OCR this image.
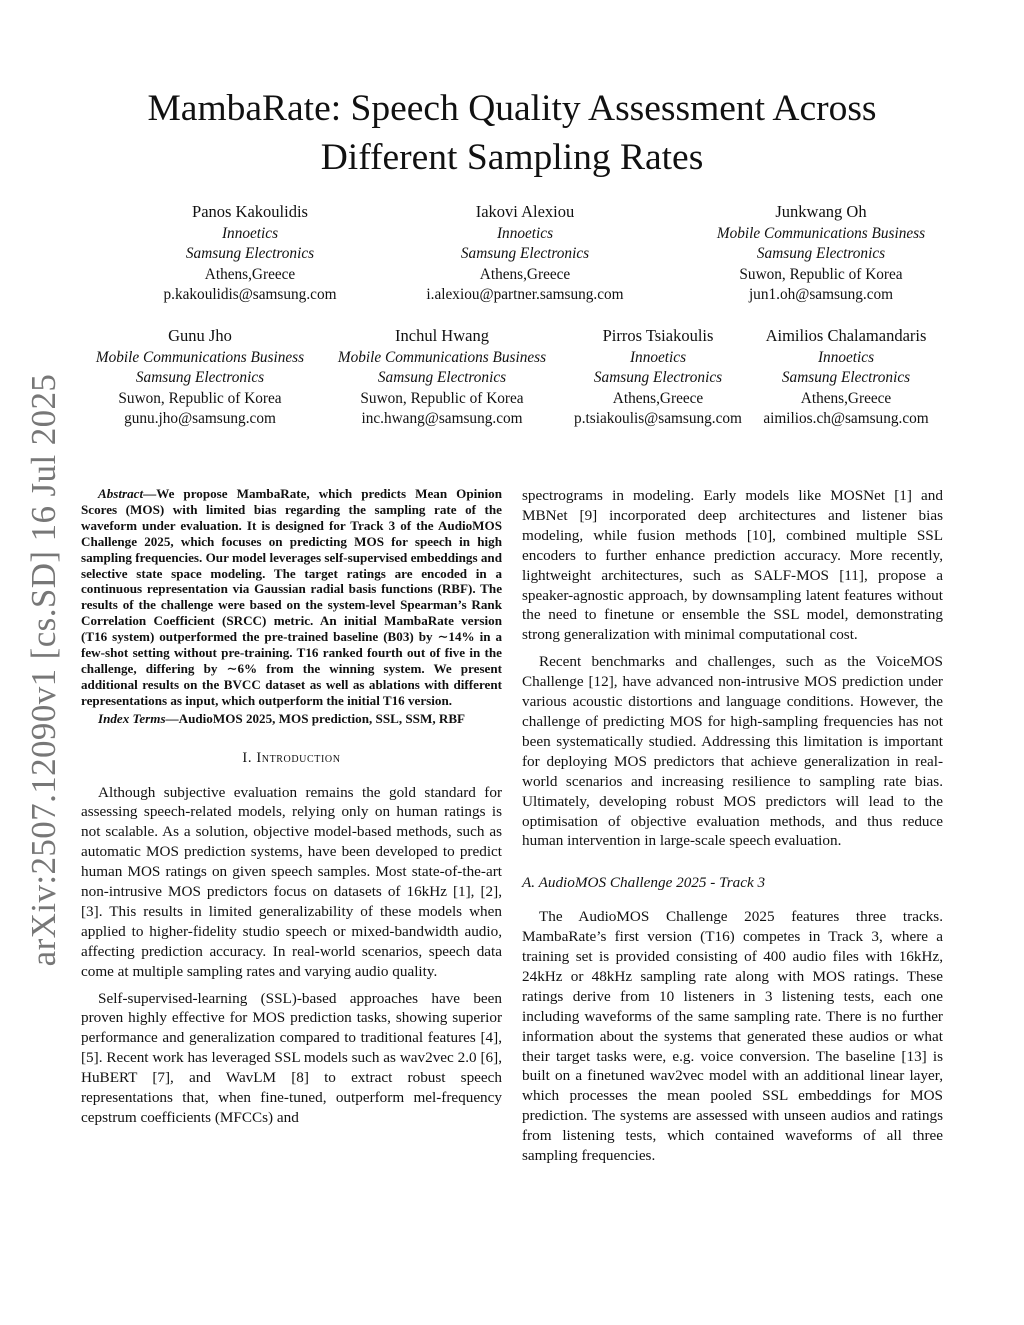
arXiv:2507.12090v1 [cs.SD] 16 Jul 2025
MambaRate: Speech Quality Assessment Across
Different Sampling Rates
Panos Kakoulidis
Innoetics
Samsung Electronics
Athens,Greece
p.kakoulidis@samsung.com
Iakovi Alexiou
Innoetics
Samsung Electronics
Athens,Greece
i.alexiou@partner.samsung.com
Junkwang Oh
Mobile Communications Business
Samsung Electronics
Suwon, Republic of Korea
jun1.oh@samsung.com
Gunu Jho
Mobile Communications Business
Samsung Electronics
Suwon, Republic of Korea
gunu.jho@samsung.com
Inchul Hwang
Mobile Communications Business
Samsung Electronics
Suwon, Republic of Korea
inc.hwang@samsung.com
Pirros Tsiakoulis
Innoetics
Samsung Electronics
Athens,Greece
p.tsiakoulis@samsung.com
Aimilios Chalamandaris
Innoetics
Samsung Electronics
Athens,Greece
aimilios.ch@samsung.com

Abstract—We propose MambaRate, which predicts Mean Opinion Scores (MOS) with limited bias regarding the sampling rate of the waveform under evaluation. It is designed for Track 3 of the AudioMOS Challenge 2025, which focuses on predicting MOS for speech in high sampling frequencies. Our model leverages self-supervised embeddings and selective state space modeling. The target ratings are encoded in a continuous representation via Gaussian radial basis functions (RBF). The results of the challenge were based on the system-level Spearman’s Rank Correlation Coefficient (SRCC) metric. An initial MambaRate version (T16 system) outperformed the pre-trained baseline (B03) by ∼14% in a few-shot setting without pre-training. T16 ranked fourth out of five in the challenge, differing by ∼6% from the winning system. We present additional results on the BVCC dataset as well as ablations with different representations as input, which outperform the initial T16 version.

Index Terms—AudioMOS 2025, MOS prediction, SSL, SSM, RBF

I. Introduction

Although subjective evaluation remains the gold standard for assessing speech-related models, relying only on human ratings is not scalable. As a solution, objective model-based methods, such as automatic MOS prediction systems, have been developed to predict human MOS ratings on given speech samples. Most state-of-the-art non-intrusive MOS predictors focus on datasets of 16kHz [1], [2], [3]. This results in limited generalizability of these models when applied to higher-fidelity studio speech or mixed-bandwidth audio, affecting prediction accuracy. In real-world scenarios, speech data come at multiple sampling rates and varying audio quality.

Self-supervised-learning (SSL)-based approaches have been proven highly effective for MOS prediction tasks, showing superior performance and generalization compared to traditional features [4], [5]. Recent work has leveraged SSL models such as wav2vec 2.0 [6], HuBERT [7], and WavLM [8] to extract robust speech representations that, when fine-tuned, outperform mel-frequency cepstrum coefficients (MFCCs) and

spectrograms in modeling. Early models like MOSNet [1] and MBNet [9] incorporated deep architectures and listener bias modeling, while fusion methods [10], combined multiple SSL encoders to further enhance prediction accuracy. More recently, lightweight architectures, such as SALF-MOS [11], propose a speaker-agnostic approach, by downsampling latent features without the need to finetune or ensemble the SSL model, demonstrating strong generalization with minimal computational cost.

Recent benchmarks and challenges, such as the VoiceMOS Challenge [12], have advanced non-intrusive MOS prediction under various acoustic distortions and language conditions. However, the challenge of predicting MOS for high-sampling frequencies has not been systematically studied. Addressing this limitation is important for deploying MOS predictors that achieve generalization in real-world scenarios and increasing resilience to sampling rate bias. Ultimately, developing robust MOS predictors will lead to the optimisation of objective evaluation methods, and thus reduce human intervention in large-scale speech evaluation.

A. AudioMOS Challenge 2025 - Track 3

The AudioMOS Challenge 2025 features three tracks. MambaRate’s first version (T16) competes in Track 3, where a training set is provided consisting of 400 audio files with 16kHz, 24kHz or 48kHz sampling rate along with MOS ratings. These ratings derive from 10 listeners in 3 listening tests, each one including waveforms of the same sampling rate. There is no further information about the systems that generated these audios or what their target tasks were, e.g. voice conversion. The baseline [13] is built on a finetuned wav2vec model with an additional linear layer, which processes the mean pooled SSL embeddings for MOS prediction. The systems are assessed with unseen audios and ratings from listening tests, which contained waveforms of all three sampling frequencies.
